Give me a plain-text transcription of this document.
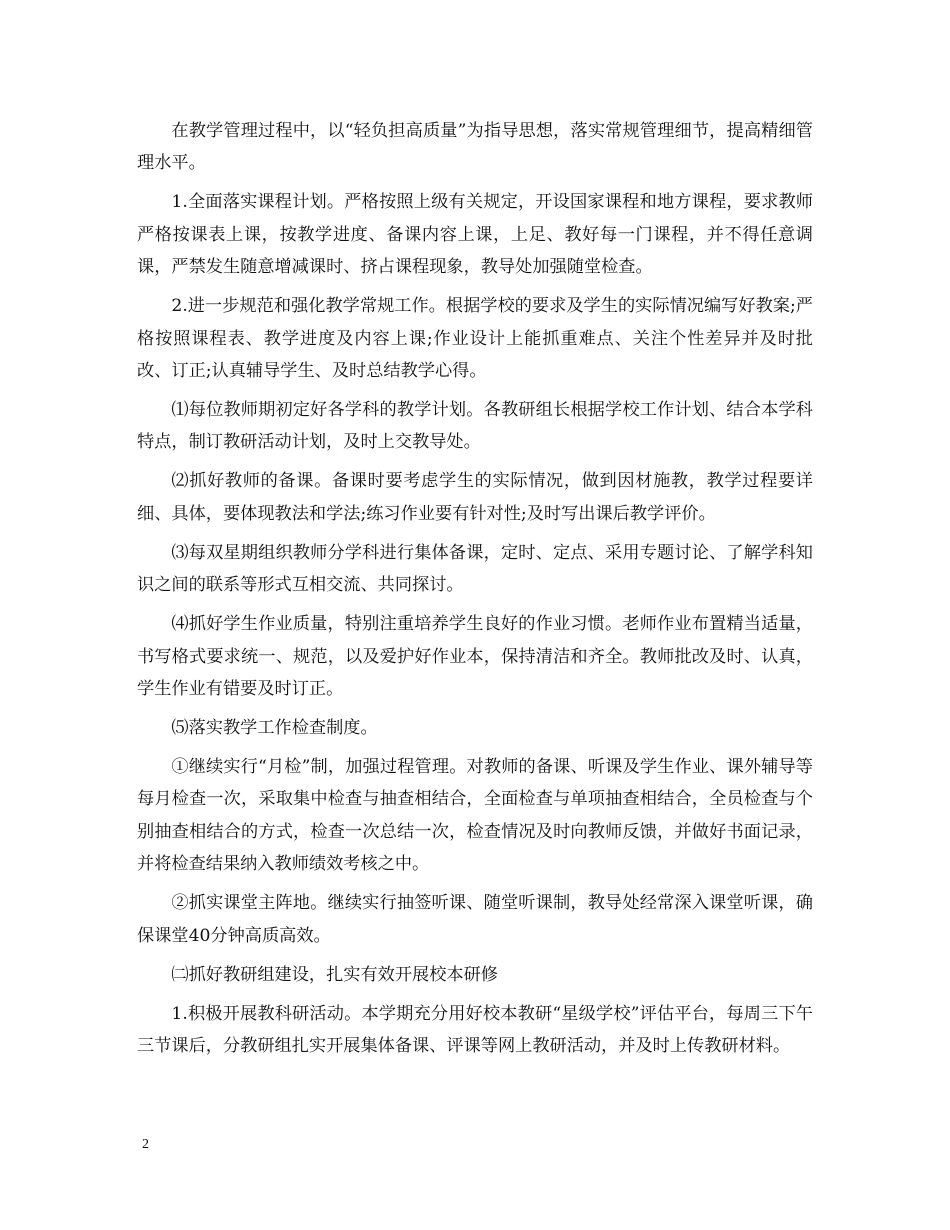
在教学管理过程中，以“轻负担高质量”为指导思想，落实常规管理细节，提高精细管理水平。

1.全面落实课程计划。严格按照上级有关规定，开设国家课程和地方课程，要求教师严格按课表上课，按教学进度、备课内容上课，上足、教好每一门课程，并不得任意调课，严禁发生随意增减课时、挤占课程现象，教导处加强随堂检查。

2.进一步规范和强化教学常规工作。根据学校的要求及学生的实际情况编写好教案;严格按照课程表、教学进度及内容上课;作业设计上能抓重难点、关注个性差异并及时批改、订正;认真辅导学生、及时总结教学心得。

⑴每位教师期初定好各学科的教学计划。各教研组长根据学校工作计划、结合本学科特点，制订教研活动计划，及时上交教导处。

⑵抓好教师的备课。备课时要考虑学生的实际情况，做到因材施教，教学过程要详细、具体，要体现教法和学法;练习作业要有针对性;及时写出课后教学评价。

⑶每双星期组织教师分学科进行集体备课，定时、定点、采用专题讨论、了解学科知识之间的联系等形式互相交流、共同探讨。

⑷抓好学生作业质量，特别注重培养学生良好的作业习惯。老师作业布置精当适量，书写格式要求统一、规范，以及爱护好作业本，保持清洁和齐全。教师批改及时、认真，学生作业有错要及时订正。

⑸落实教学工作检查制度。

①继续实行“月检”制，加强过程管理。对教师的备课、听课及学生作业、课外辅导等每月检查一次，采取集中检查与抽查相结合，全面检查与单项抽查相结合，全员检查与个别抽查相结合的方式，检查一次总结一次，检查情况及时向教师反馈，并做好书面记录，并将检查结果纳入教师绩效考核之中。

②抓实课堂主阵地。继续实行抽签听课、随堂听课制，教导处经常深入课堂听课，确保课堂40分钟高质高效。

㈡抓好教研组建设，扎实有效开展校本研修

1.积极开展教科研活动。本学期充分用好校本教研“星级学校”评估平台，每周三下午三节课后，分教研组扎实开展集体备课、评课等网上教研活动，并及时上传教研材料。

2
